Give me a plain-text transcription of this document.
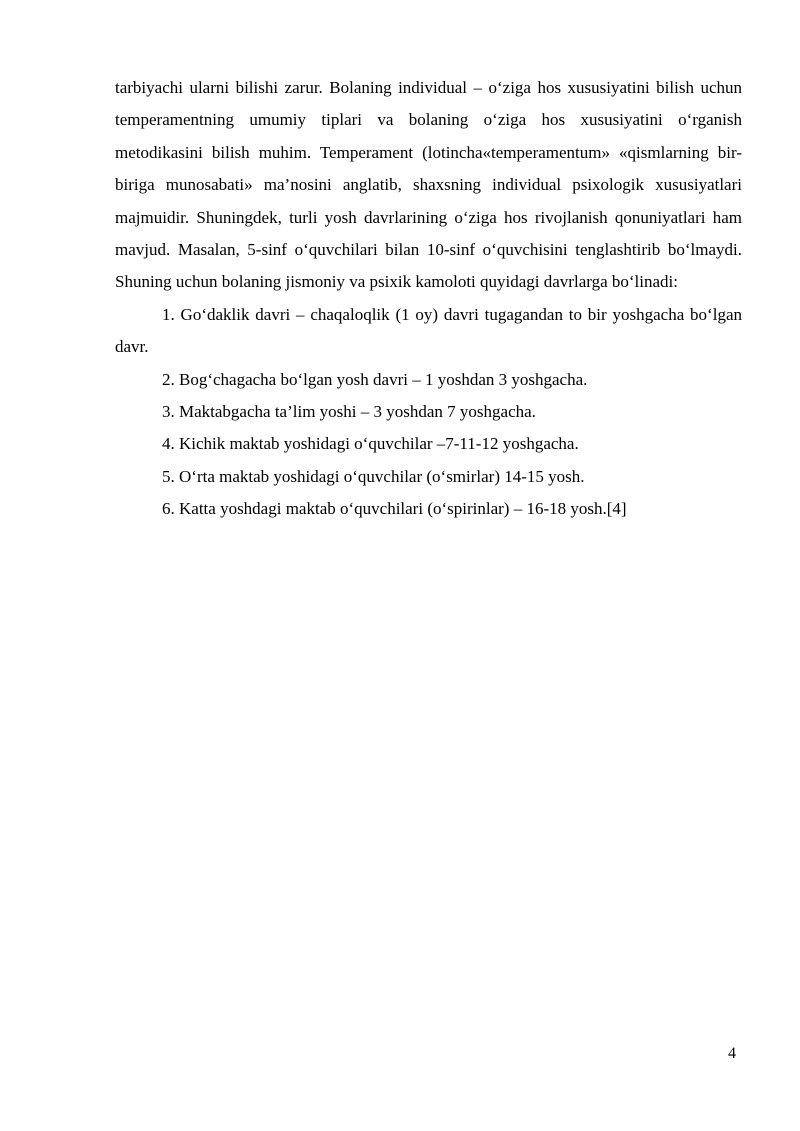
tarbiyachi ularni bilishi zarur. Bolaning individual – o‘ziga hos xususiyatini bilish uchun temperamentning umumiy tiplari va bolaning o‘ziga hos xususiyatini o‘rganish metodikasini bilish muhim. Temperament (lotincha«temperamentum» «qismlarning bir-biriga munosabati» ma’nosini anglatib, shaxsning individual psixologik xususiyatlari majmuidir. Shuningdek, turli yosh davrlarining o‘ziga hos rivojlanish qonuniyatlari ham mavjud. Masalan, 5-sinf o‘quvchilari bilan 10-sinf o‘quvchisini tenglashtirib bo‘lmaydi. Shuning uchun bolaning jismoniy va psixik kamoloti quyidagi davrlarga bo‘linadi:

1. Go‘daklik davri – chaqaloqlik (1 oy) davri tugagandan to bir yoshgacha bo‘lgan davr.

2. Bog‘chagacha bo‘lgan yosh davri – 1 yoshdan 3 yoshgacha.

3. Maktabgacha ta’lim yoshi – 3 yoshdan 7 yoshgacha.

4. Kichik maktab yoshidagi o‘quvchilar –7-11-12 yoshgacha.

5. O‘rta maktab yoshidagi o‘quvchilar (o‘smirlar) 14-15 yosh.

6. Katta yoshdagi maktab o‘quvchilari (o‘spirinlar) – 16-18 yosh.[4]

4
